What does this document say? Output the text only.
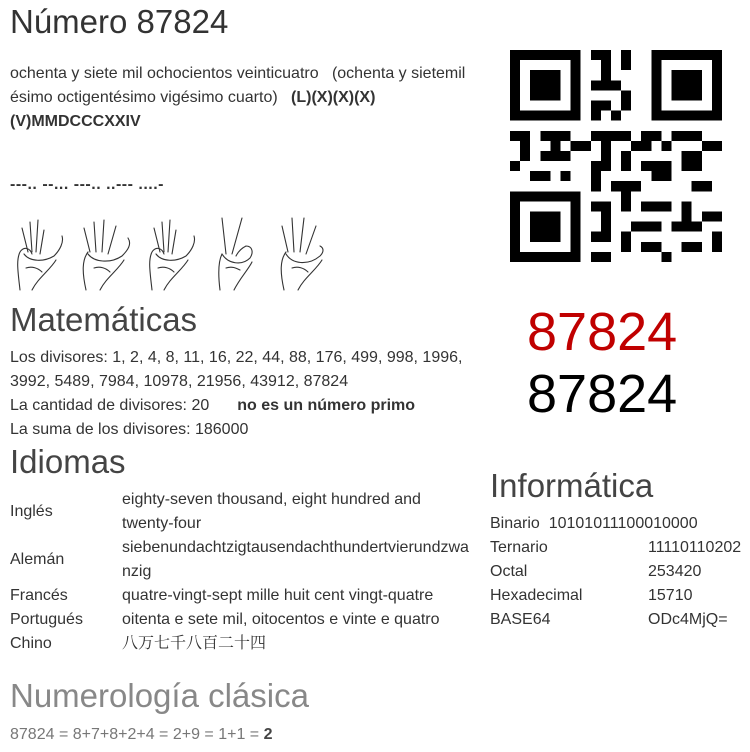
Número 87824
ochenta y siete mil ochocientos veinticuatro (ochenta y sietemil ésimo octigentésimo vigésimo cuarto) (L)(X)(X)(X)(V)MMDCCCXXIV
---.. --... ---.. ..--- ....-
87824
87824
Matemáticas

Los divisores: 1, 2, 4, 8, 11, 16, 22, 44, 88, 176, 499, 998, 1996, 3992, 5489, 7984, 10978, 21956, 43912, 87824

La cantidad de divisores: 20 no es un número primo

La suma de los divisores: 186000

Idiomas
Inglés	eighty-seven thousand, eight hundred and twenty-four
Alemán	siebenundachtzigtausendachthundertvierundzwanzig
Francés	quatre-vingt-sept mille huit cent vingt-quatre
Portugués	oitenta e sete mil, oitocentos e vinte e quatro
Chino	八万七千八百二十四
Informática
Binario 10101011100010000	
Ternario	11110110202
Octal	253420
Hexadecimal	15710
BASE64	ODc4MjQ=
Numerología clásica
87824 = 8+7+8+2+4 = 2+9 = 1+1 = 2
